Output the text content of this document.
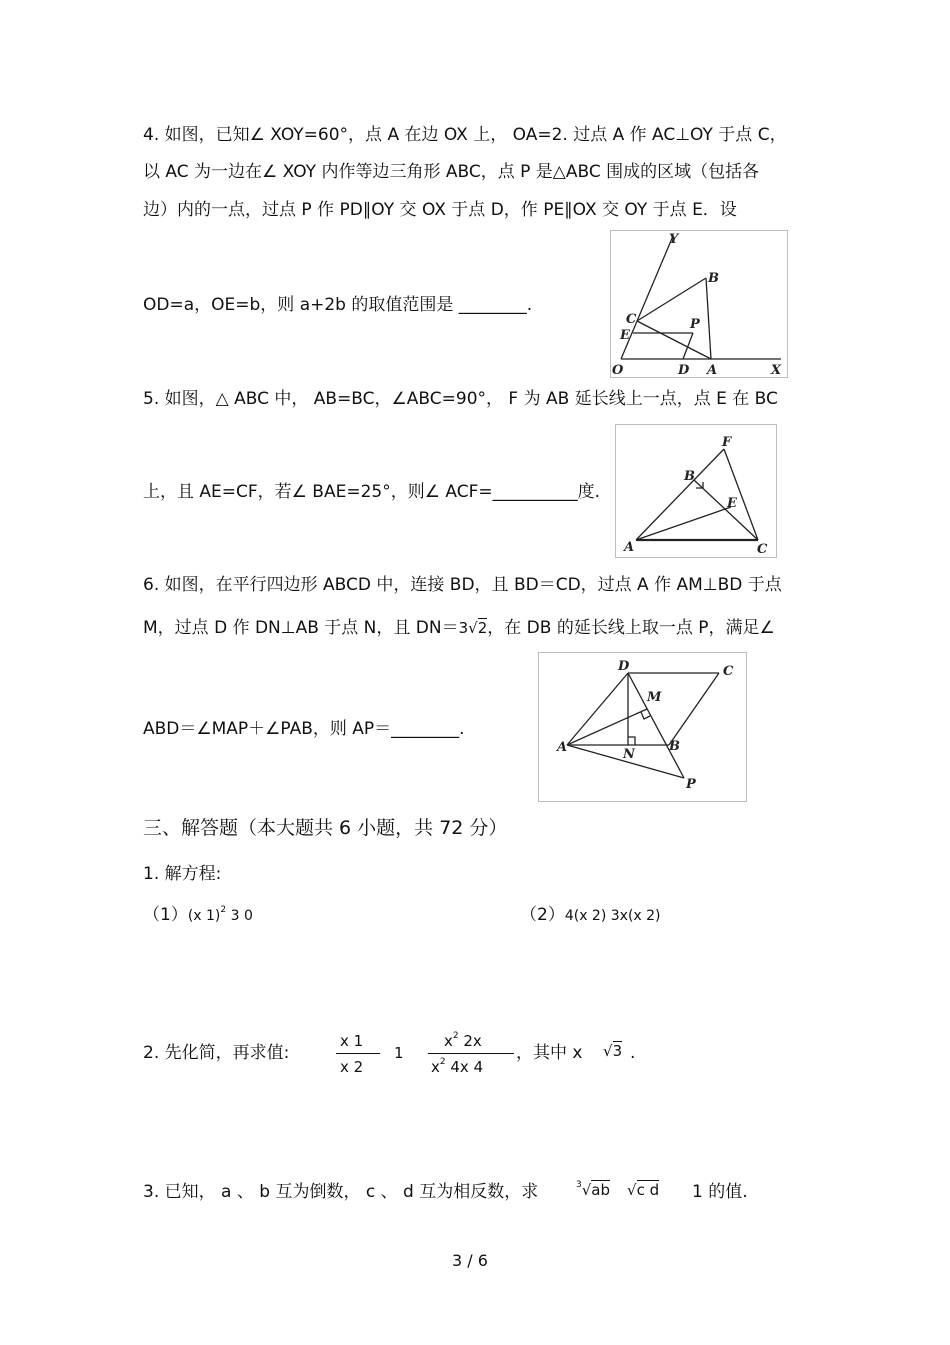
4. 如图，已知∠ XOY=60°，点 A 在边 OX 上， OA=2. 过点 A 作 AC⊥OY 于点 C，
以 AC 为一边在∠ XOY 内作等边三角形 ABC，点 P 是△ABC 围成的区域（包括各
边）内的一点，过点 P 作 PD∥OY 交 OX 于点 D，作 PE∥OX 交 OY 于点 E．设
OD=a，OE=b，则 a+2b 的取值范围是 ________.
Y
B
C	P
E
O	D A	X
5. 如图，△ ABC 中， AB=BC，∠ABC=90°， F 为 AB 延长线上一点，点 E 在 BC
上，且 AE=CF，若∠ BAE=25°，则∠ ACF=__________度.
F
B
E
A	C
6. 如图，在平行四边形 ABCD 中，连接 BD，且 BD＝CD，过点 A 作 AM⊥BD 于点
M，过点 D 作 DN⊥AB 于点 N，且 DN＝3√2，在 DB 的延长线上取一点 P，满足∠
ABD＝∠MAP＋∠PAB，则 AP＝________.
D	C
M
A	N
B
P
三、解答题（本大题共 6 小题，共 72 分）
1. 解方程:
（1）(x 1)$^2$ 3 0	（2）4(x 2) 3x(x 2)
2. 先化简，再求值:
x 1
x 2
1
$x^2$ 2x
$x^2$ 4x 4
，其中 x √3 .
3. 已知， a 、 b 互为倒数， c 、 d 互为相反数，求	$^3$√ab √c d 1 的值.
3 / 6
